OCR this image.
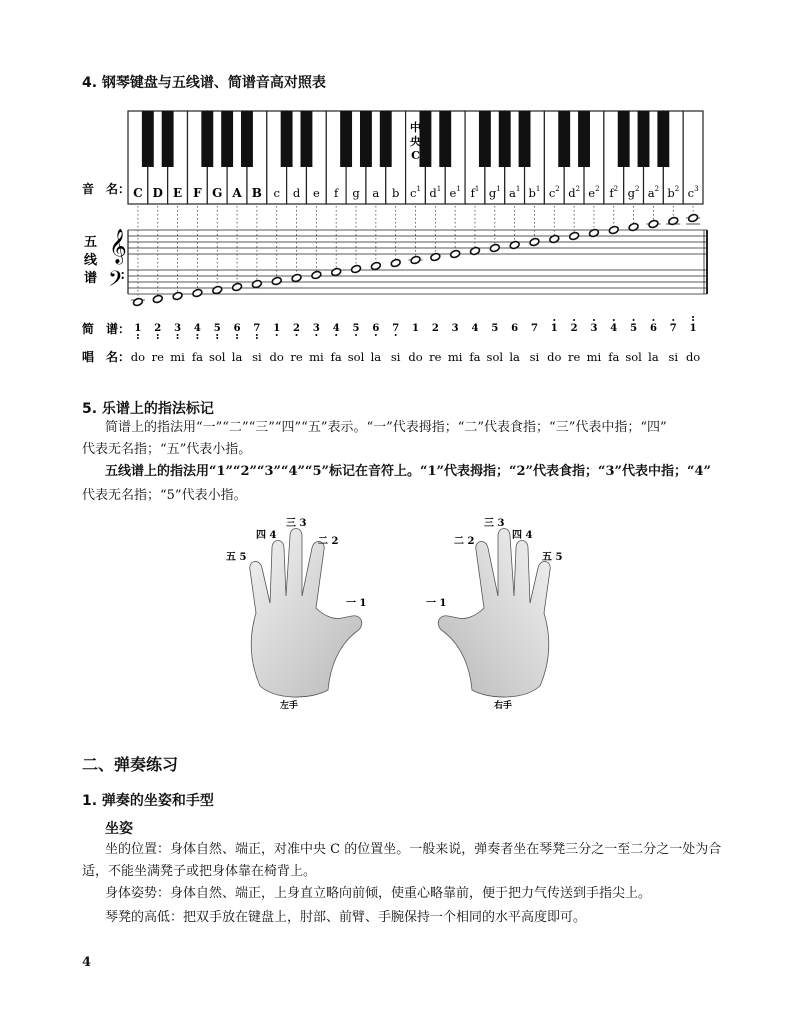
4. 钢琴键盘与五线谱、简谱音高对照表
中
央
C
C D E F G A B c d e f g a b $c^1$ $d^1$ $e^1$ $f^1$ $g^1$ $a^1$ $b^1$ $c^2$ $d^2$ $e^2$ $f^2$ $g^2$ $a^2$ $b^2$ $c^3$
音　名：
五
线
谱
简　谱：
唱　名：
𝄞
𝄢
1 2 3 4 5 6 7 1 2 3 4 5 6 7 1 2 3 4 5 6 7 1 2 3 4 5 6 7 1
do re mi fa sol la si do re mi fa sol la si do re mi fa sol la si do re mi fa sol la si do
5. 乐谱上的指法标记
简谱上的指法用“一”“二”“三”“四”“五”表示。“一”代表拇指；“二”代表食指；“三”代表中指；“四”
代表无名指；“五”代表小指。
五线谱上的指法用“1”“2”“3”“4”“5”标记在音符上。“1”代表拇指；“2”代表食指；“3”代表中指；“4”
代表无名指；“5”代表小指。
五 5
四 4
三 3
二 2
一 1
左手
一 1
二 2
三 3
四 4
五 5
右手
二、弹奏练习
1. 弹奏的坐姿和手型
坐姿
坐的位置：身体自然、端正，对准中央 C 的位置坐。一般来说，弹奏者坐在琴凳三分之一至二分之一处为合
适，不能坐满凳子或把身体靠在椅背上。
身体姿势：身体自然、端正，上身直立略向前倾，使重心略靠前，便于把力气传送到手指尖上。
琴凳的高低：把双手放在键盘上，肘部、前臂、手腕保持一个相同的水平高度即可。
4
